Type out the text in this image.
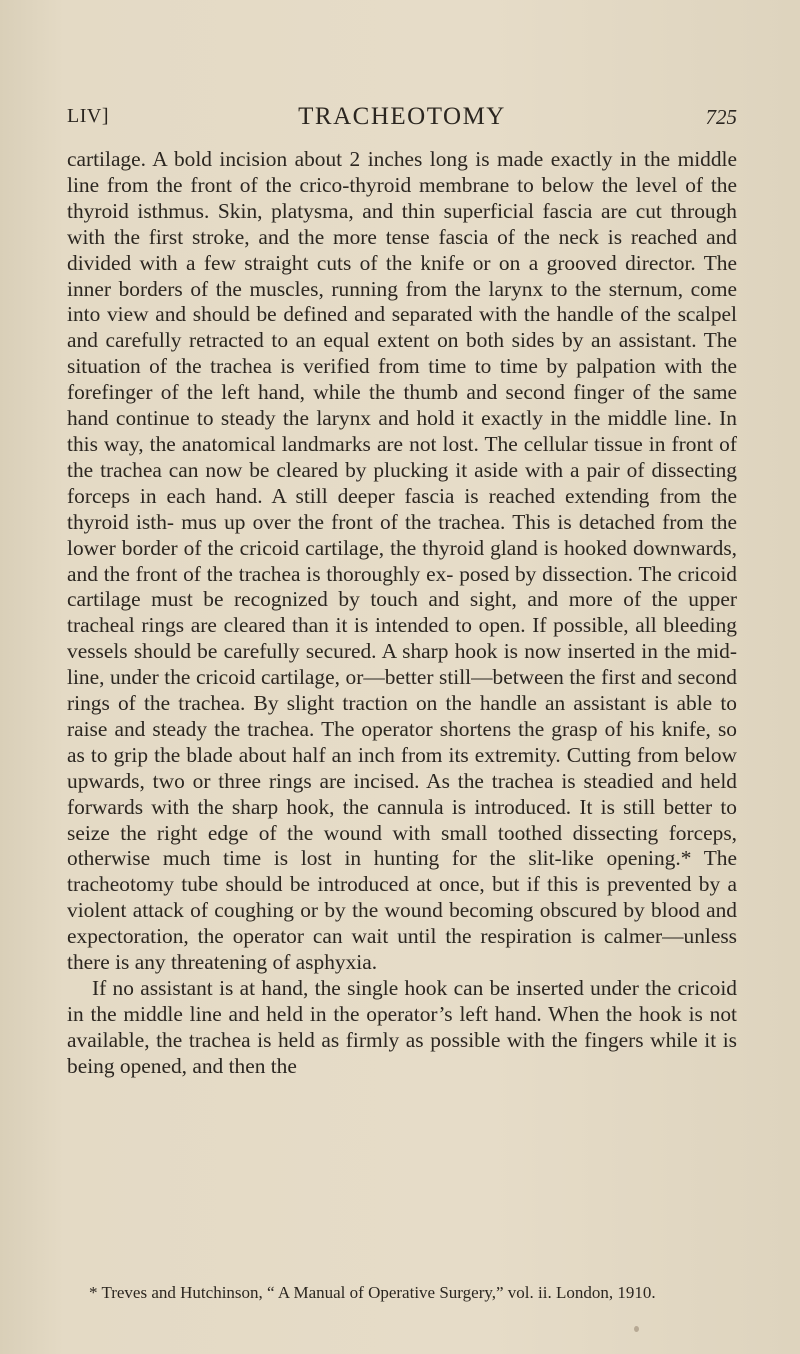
LIV]	TRACHEOTOMY	725

cartilage. A bold incision about 2 inches long is made exactly in the middle line from the front of the crico-thyroid membrane to below the level of the thyroid isthmus. Skin, platysma, and thin superficial fascia are cut through with the first stroke, and the more tense fascia of the neck is reached and divided with a few straight cuts of the knife or on a grooved director. The inner borders of the muscles, running from the larynx to the sternum, come into view and should be defined and separated with the handle of the scalpel and carefully retracted to an equal extent on both sides by an assistant. The situation of the trachea is verified from time to time by palpation with the forefinger of the left hand, while the thumb and second finger of the same hand continue to steady the larynx and hold it exactly in the middle line. In this way, the anatomical landmarks are not lost. The cellular tissue in front of the trachea can now be cleared by plucking it aside with a pair of dissecting forceps in each hand. A still deeper fascia is reached extending from the thyroid isth- mus up over the front of the trachea. This is detached from the lower border of the cricoid cartilage, the thyroid gland is hooked downwards, and the front of the trachea is thoroughly ex- posed by dissection. The cricoid cartilage must be recognized by touch and sight, and more of the upper tracheal rings are cleared than it is intended to open. If possible, all bleeding vessels should be carefully secured. A sharp hook is now inserted in the mid-line, under the cricoid cartilage, or—better still—between the first and second rings of the trachea. By slight traction on the handle an assistant is able to raise and steady the trachea. The operator shortens the grasp of his knife, so as to grip the blade about half an inch from its extremity. Cutting from below upwards, two or three rings are incised. As the trachea is steadied and held forwards with the sharp hook, the cannula is introduced. It is still better to seize the right edge of the wound with small toothed dissecting forceps, otherwise much time is lost in hunting for the slit-like opening.* The tracheotomy tube should be introduced at once, but if this is prevented by a violent attack of coughing or by the wound becoming obscured by blood and expectoration, the operator can wait until the respiration is calmer—unless there is any threatening of asphyxia.

If no assistant is at hand, the single hook can be inserted under the cricoid in the middle line and held in the operator’s left hand. When the hook is not available, the trachea is held as firmly as possible with the fingers while it is being opened, and then the

* Treves and Hutchinson, “ A Manual of Operative Surgery,” vol. ii. London, 1910.
